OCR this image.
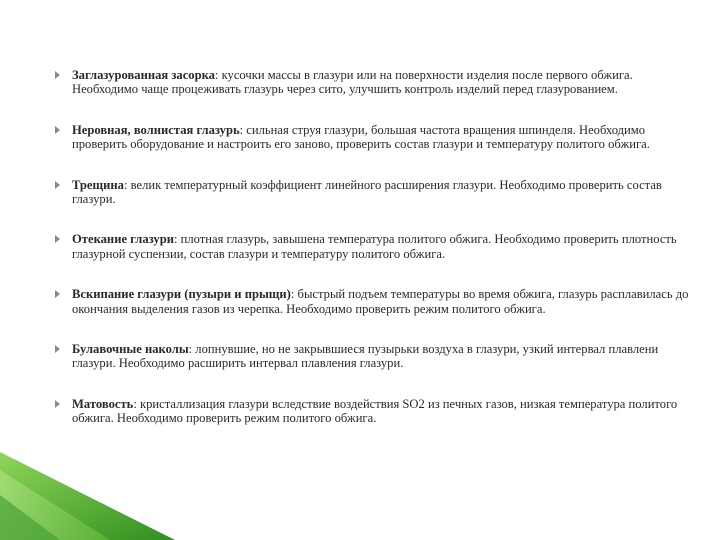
Заглазурованная засорка: кусочки массы в глазури или на поверхности изделия после первого обжига. Необходимо чаще процеживать глазурь через сито, улучшить контроль изделий перед глазурованием.
Неровная, волнистая глазурь: сильная струя глазури, большая частота вращения шпинделя. Необходимо проверить оборудование и настроить его заново, проверить состав глазури и температуру политого обжига.
Трещина: велик температурный коэффициент линейного расширения глазури. Необходимо проверить состав глазури.
Отекание глазури: плотная глазурь, завышена температура политого обжига. Необходимо проверить плотность глазурной суспензии, состав глазури и температуру политого обжига.
Вскипание глазури (пузыри и прыщи): быстрый подъем температуры во время обжига, глазурь расплавилась до окончания выделения газов из черепка. Необходимо проверить режим политого обжига.
Булавочные наколы: лопнувшие, но не закрывшиеся пузырьки воздуха в глазури, узкий интервал плавлени глазури. Необходимо расширить интервал плавления глазури.
Матовость: кристаллизация глазури вследствие воздействия SO2 из печных газов, низкая температура политого обжига. Необходимо проверить режим политого обжига.
